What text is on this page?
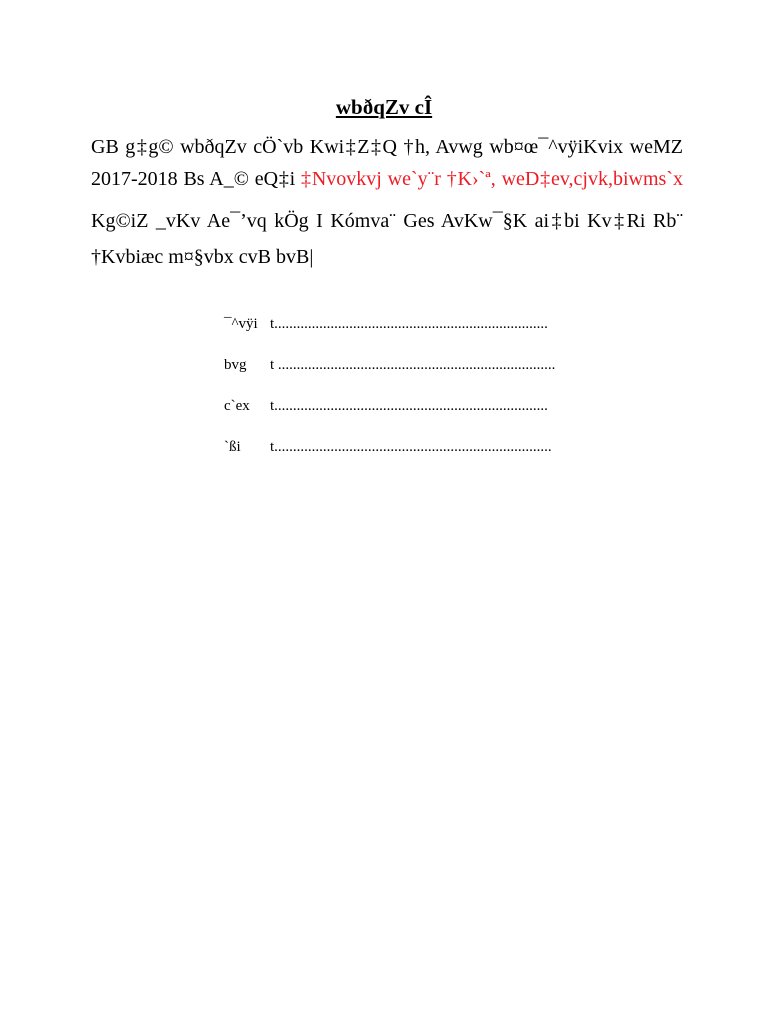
wbðqZv cÎ
GB g‡g© wbðqZv cÖ`vb Kwi‡Z‡Q †h, Avwg wb¤œ¯^vÿiKvix weMZ
2017-2018 Bs A_© eQ‡i ‡Nvovkvj we`y¨r †K›`ª, weD‡ev,cjvk,biwms`x
Kg©iZ _vKv Ae¯’vq kÖg I Kómva¨ Ges AvKw¯§K ai‡bi Kv‡Ri Rb¨
†Kvbiæc m¤§vbx cvB bvB|
¯^vÿi t.........................................................................
bvg t ..........................................................................
c`ex t.........................................................................
`ßi t..........................................................................
